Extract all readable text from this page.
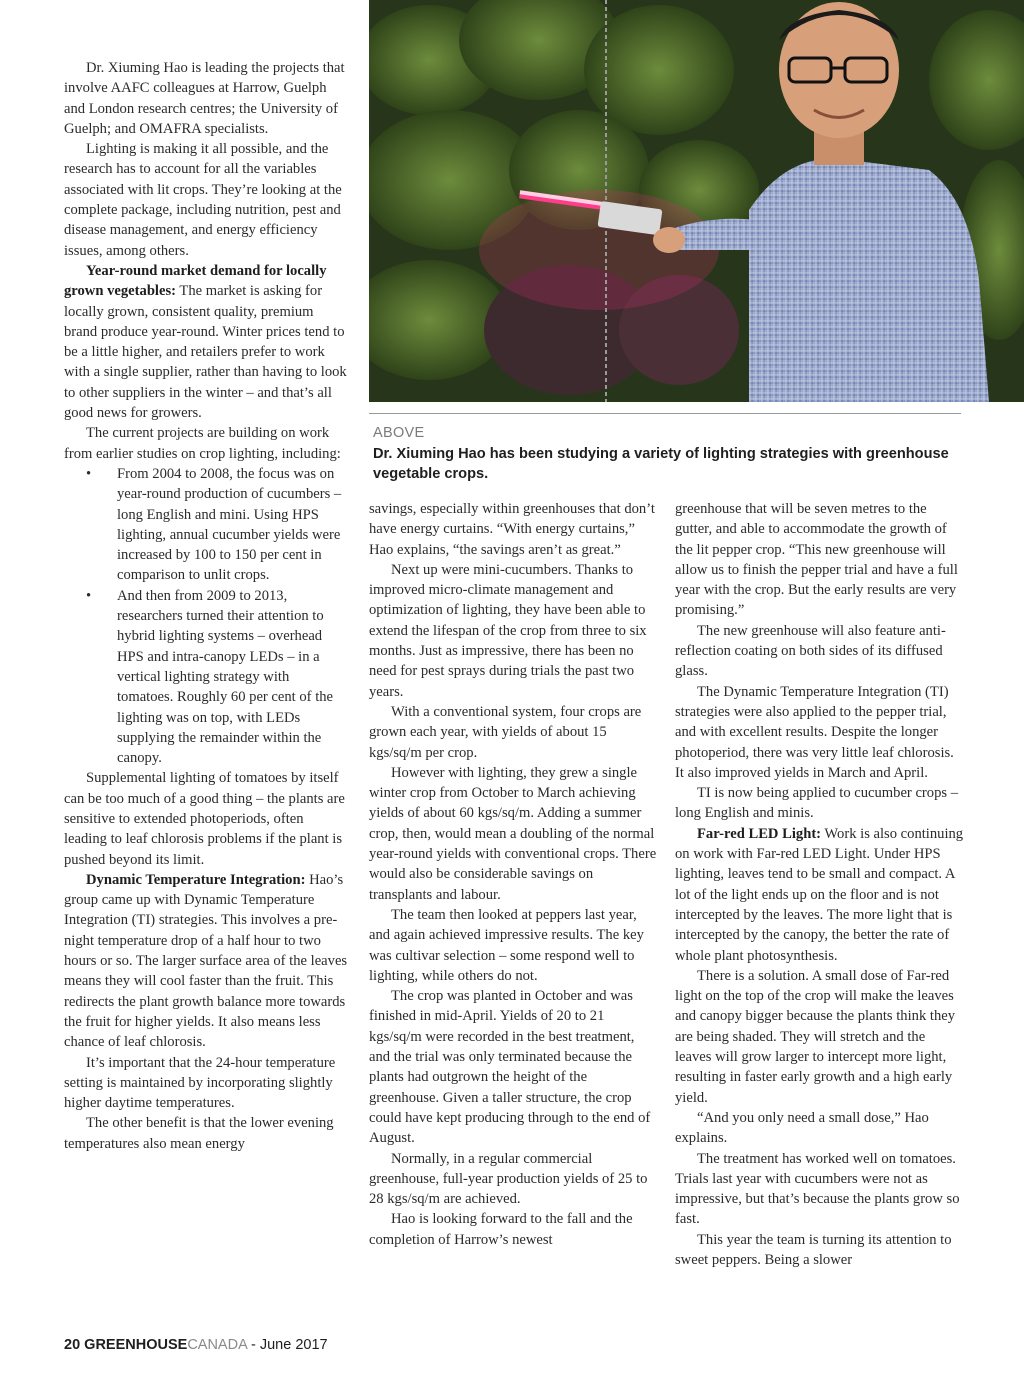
ABOVE
Dr. Xiuming Hao has been studying a variety of lighting strategies with greenhouse vegetable crops.

Dr. Xiuming Hao is leading the projects that involve AAFC colleagues at Harrow, Guelph and London research centres; the University of Guelph; and OMAFRA specialists.

Lighting is making it all possible, and the research has to account for all the variables associated with lit crops. They’re looking at the complete package, including nutrition, pest and disease management, and energy efficiency issues, among others.

Year-round market demand for locally grown vegetables: The market is asking for locally grown, consistent quality, premium brand produce year-round. Winter prices tend to be a little higher, and retailers prefer to work with a single supplier, rather than having to look to other suppliers in the winter – and that’s all good news for growers.

The current projects are building on work from earlier studies on crop lighting, including:

• From 2004 to 2008, the focus was on year-round production of cucumbers – long English and mini. Using HPS lighting, annual cucumber yields were increased by 100 to 150 per cent in comparison to unlit crops.
• And then from 2009 to 2013, researchers turned their attention to hybrid lighting systems – overhead HPS and intra-canopy LEDs – in a vertical lighting strategy with tomatoes. Roughly 60 per cent of the lighting was on top, with LEDs supplying the remainder within the canopy.

Supplemental lighting of tomatoes by itself can be too much of a good thing – the plants are sensitive to extended photoperiods, often leading to leaf chlorosis problems if the plant is pushed beyond its limit.

Dynamic Temperature Integration: Hao’s group came up with Dynamic Temperature Integration (TI) strategies. This involves a pre-night temperature drop of a half hour to two hours or so. The larger surface area of the leaves means they will cool faster than the fruit. This redirects the plant growth balance more towards the fruit for higher yields. It also means less chance of leaf chlorosis.

It’s important that the 24-hour temperature setting is maintained by incorporating slightly higher daytime temperatures.

The other benefit is that the lower evening temperatures also mean energy

savings, especially within greenhouses that don’t have energy curtains. “With energy curtains,” Hao explains, “the savings aren’t as great.”

Next up were mini-cucumbers. Thanks to improved micro-climate management and optimization of lighting, they have been able to extend the lifespan of the crop from three to six months. Just as impressive, there has been no need for pest sprays during trials the past two years.

With a conventional system, four crops are grown each year, with yields of about 15 kgs/sq/m per crop.

However with lighting, they grew a single winter crop from October to March achieving yields of about 60 kgs/sq/m. Adding a summer crop, then, would mean a doubling of the normal year-round yields with conventional crops. There would also be considerable savings on transplants and labour.

The team then looked at peppers last year, and again achieved impressive results. The key was cultivar selection – some respond well to lighting, while others do not.

The crop was planted in October and was finished in mid-April. Yields of 20 to 21 kgs/sq/m were recorded in the best treatment, and the trial was only terminated because the plants had outgrown the height of the greenhouse. Given a taller structure, the crop could have kept producing through to the end of August.

Normally, in a regular commercial greenhouse, full-year production yields of 25 to 28 kgs/sq/m are achieved.

Hao is looking forward to the fall and the completion of Harrow’s newest

greenhouse that will be seven metres to the gutter, and able to accommodate the growth of the lit pepper crop. “This new greenhouse will allow us to finish the pepper trial and have a full year with the crop. But the early results are very promising.”

The new greenhouse will also feature anti-reflection coating on both sides of its diffused glass.

The Dynamic Temperature Integration (TI) strategies were also applied to the pepper trial, and with excellent results. Despite the longer photoperiod, there was very little leaf chlorosis. It also improved yields in March and April.

TI is now being applied to cucumber crops – long English and minis.

Far-red LED Light: Work is also continuing on work with Far-red LED Light. Under HPS lighting, leaves tend to be small and compact. A lot of the light ends up on the floor and is not intercepted by the leaves. The more light that is intercepted by the canopy, the better the rate of whole plant photosynthesis.

There is a solution. A small dose of Far-red light on the top of the crop will make the leaves and canopy bigger because the plants think they are being shaded. They will stretch and the leaves will grow larger to intercept more light, resulting in faster early growth and a high early yield.

“And you only need a small dose,” Hao explains.

The treatment has worked well on tomatoes. Trials last year with cucumbers were not as impressive, but that’s because the plants grow so fast.

This year the team is turning its attention to sweet peppers. Being a slower

20 GREENHOUSECANADA - June 2017
